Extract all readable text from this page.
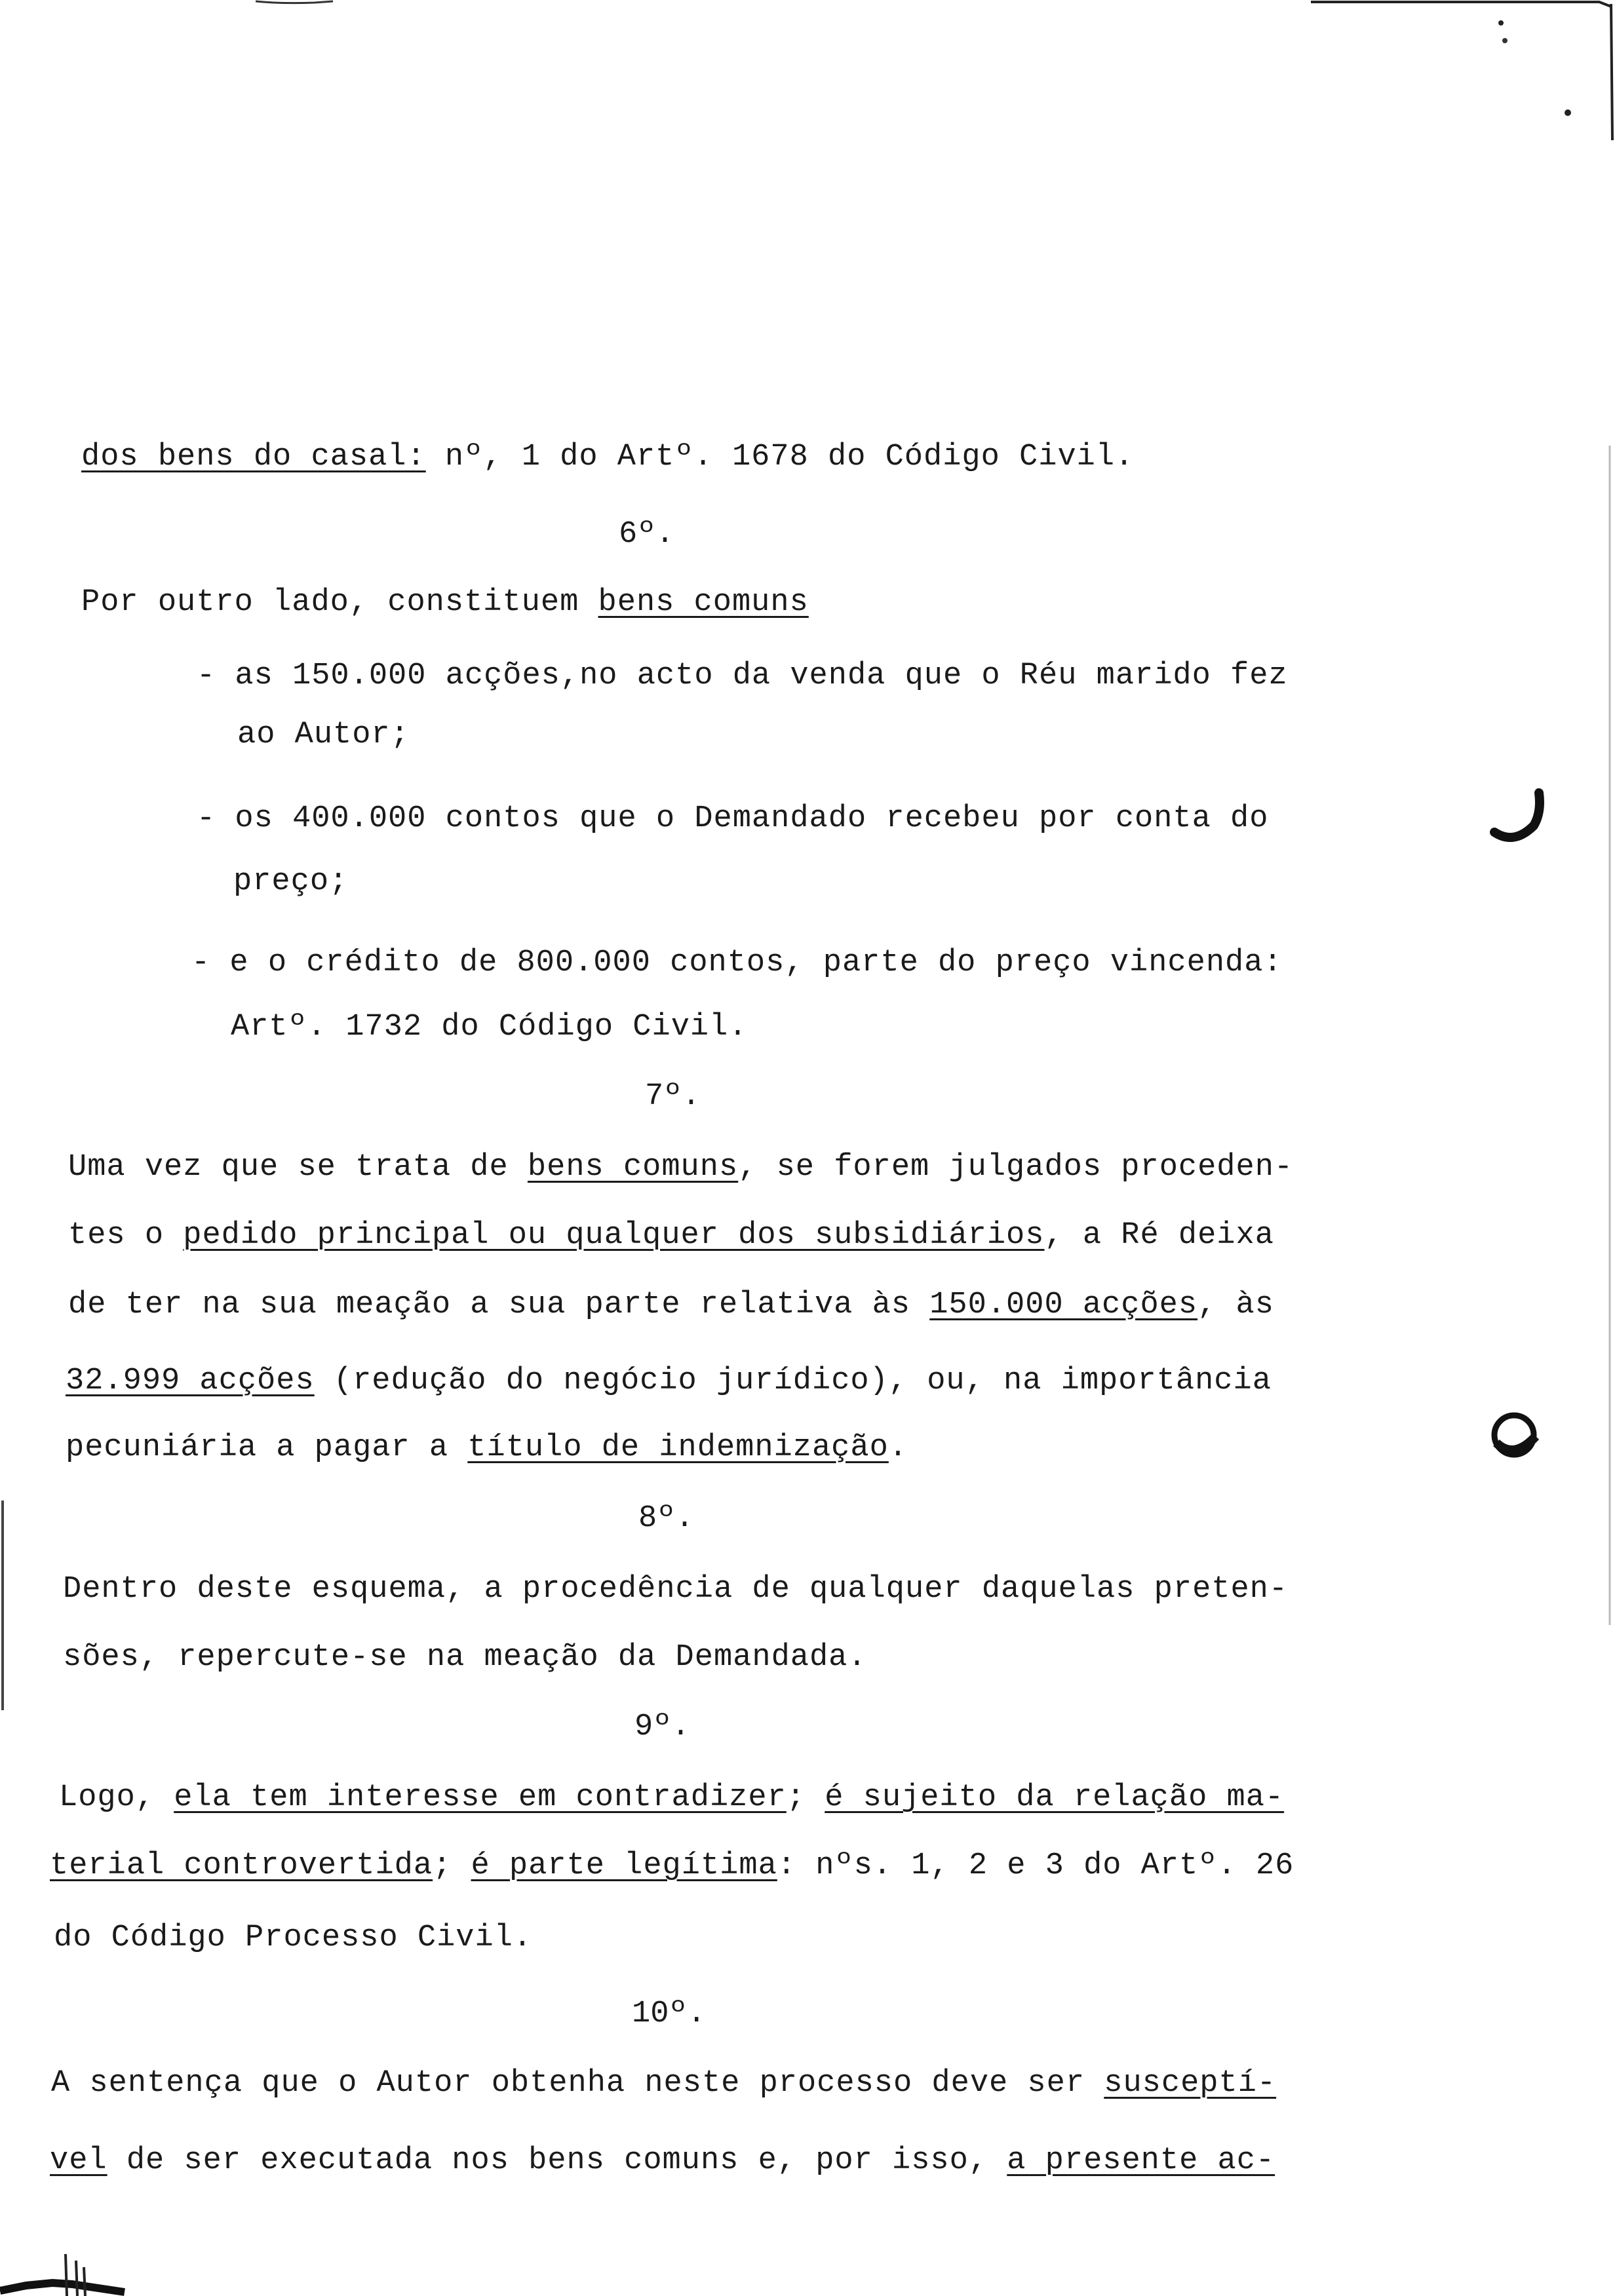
dos bens do casal: nº, 1 do Artº. 1678 do Código Civil.
6º.
Por outro lado, constituem bens comuns
- as 150.000 acções,no acto da venda que o Réu marido fez
ao Autor;
- os 400.000 contos que o Demandado recebeu por conta do
preço;
- e o crédito de 800.000 contos, parte do preço vincenda:
Artº. 1732 do Código Civil.
7º.
Uma vez que se trata de bens comuns, se forem julgados proceden-
tes o pedido principal ou qualquer dos subsidiários, a Ré deixa
de ter na sua meação a sua parte relativa às 150.000 acções, às
32.999 acções (redução do negócio jurídico), ou, na importância
pecuniária a pagar a título de indemnização.
8º.
Dentro deste esquema, a procedência de qualquer daquelas preten-
sões, repercute-se na meação da Demandada.
9º.
Logo, ela tem interesse em contradizer; é sujeito da relação ma-
terial controvertida; é parte legítima: nºs. 1, 2 e 3 do Artº. 26
do Código Processo Civil.
10º.
A sentença que o Autor obtenha neste processo deve ser susceptí-
vel de ser executada nos bens comuns e, por isso, a presente ac-
